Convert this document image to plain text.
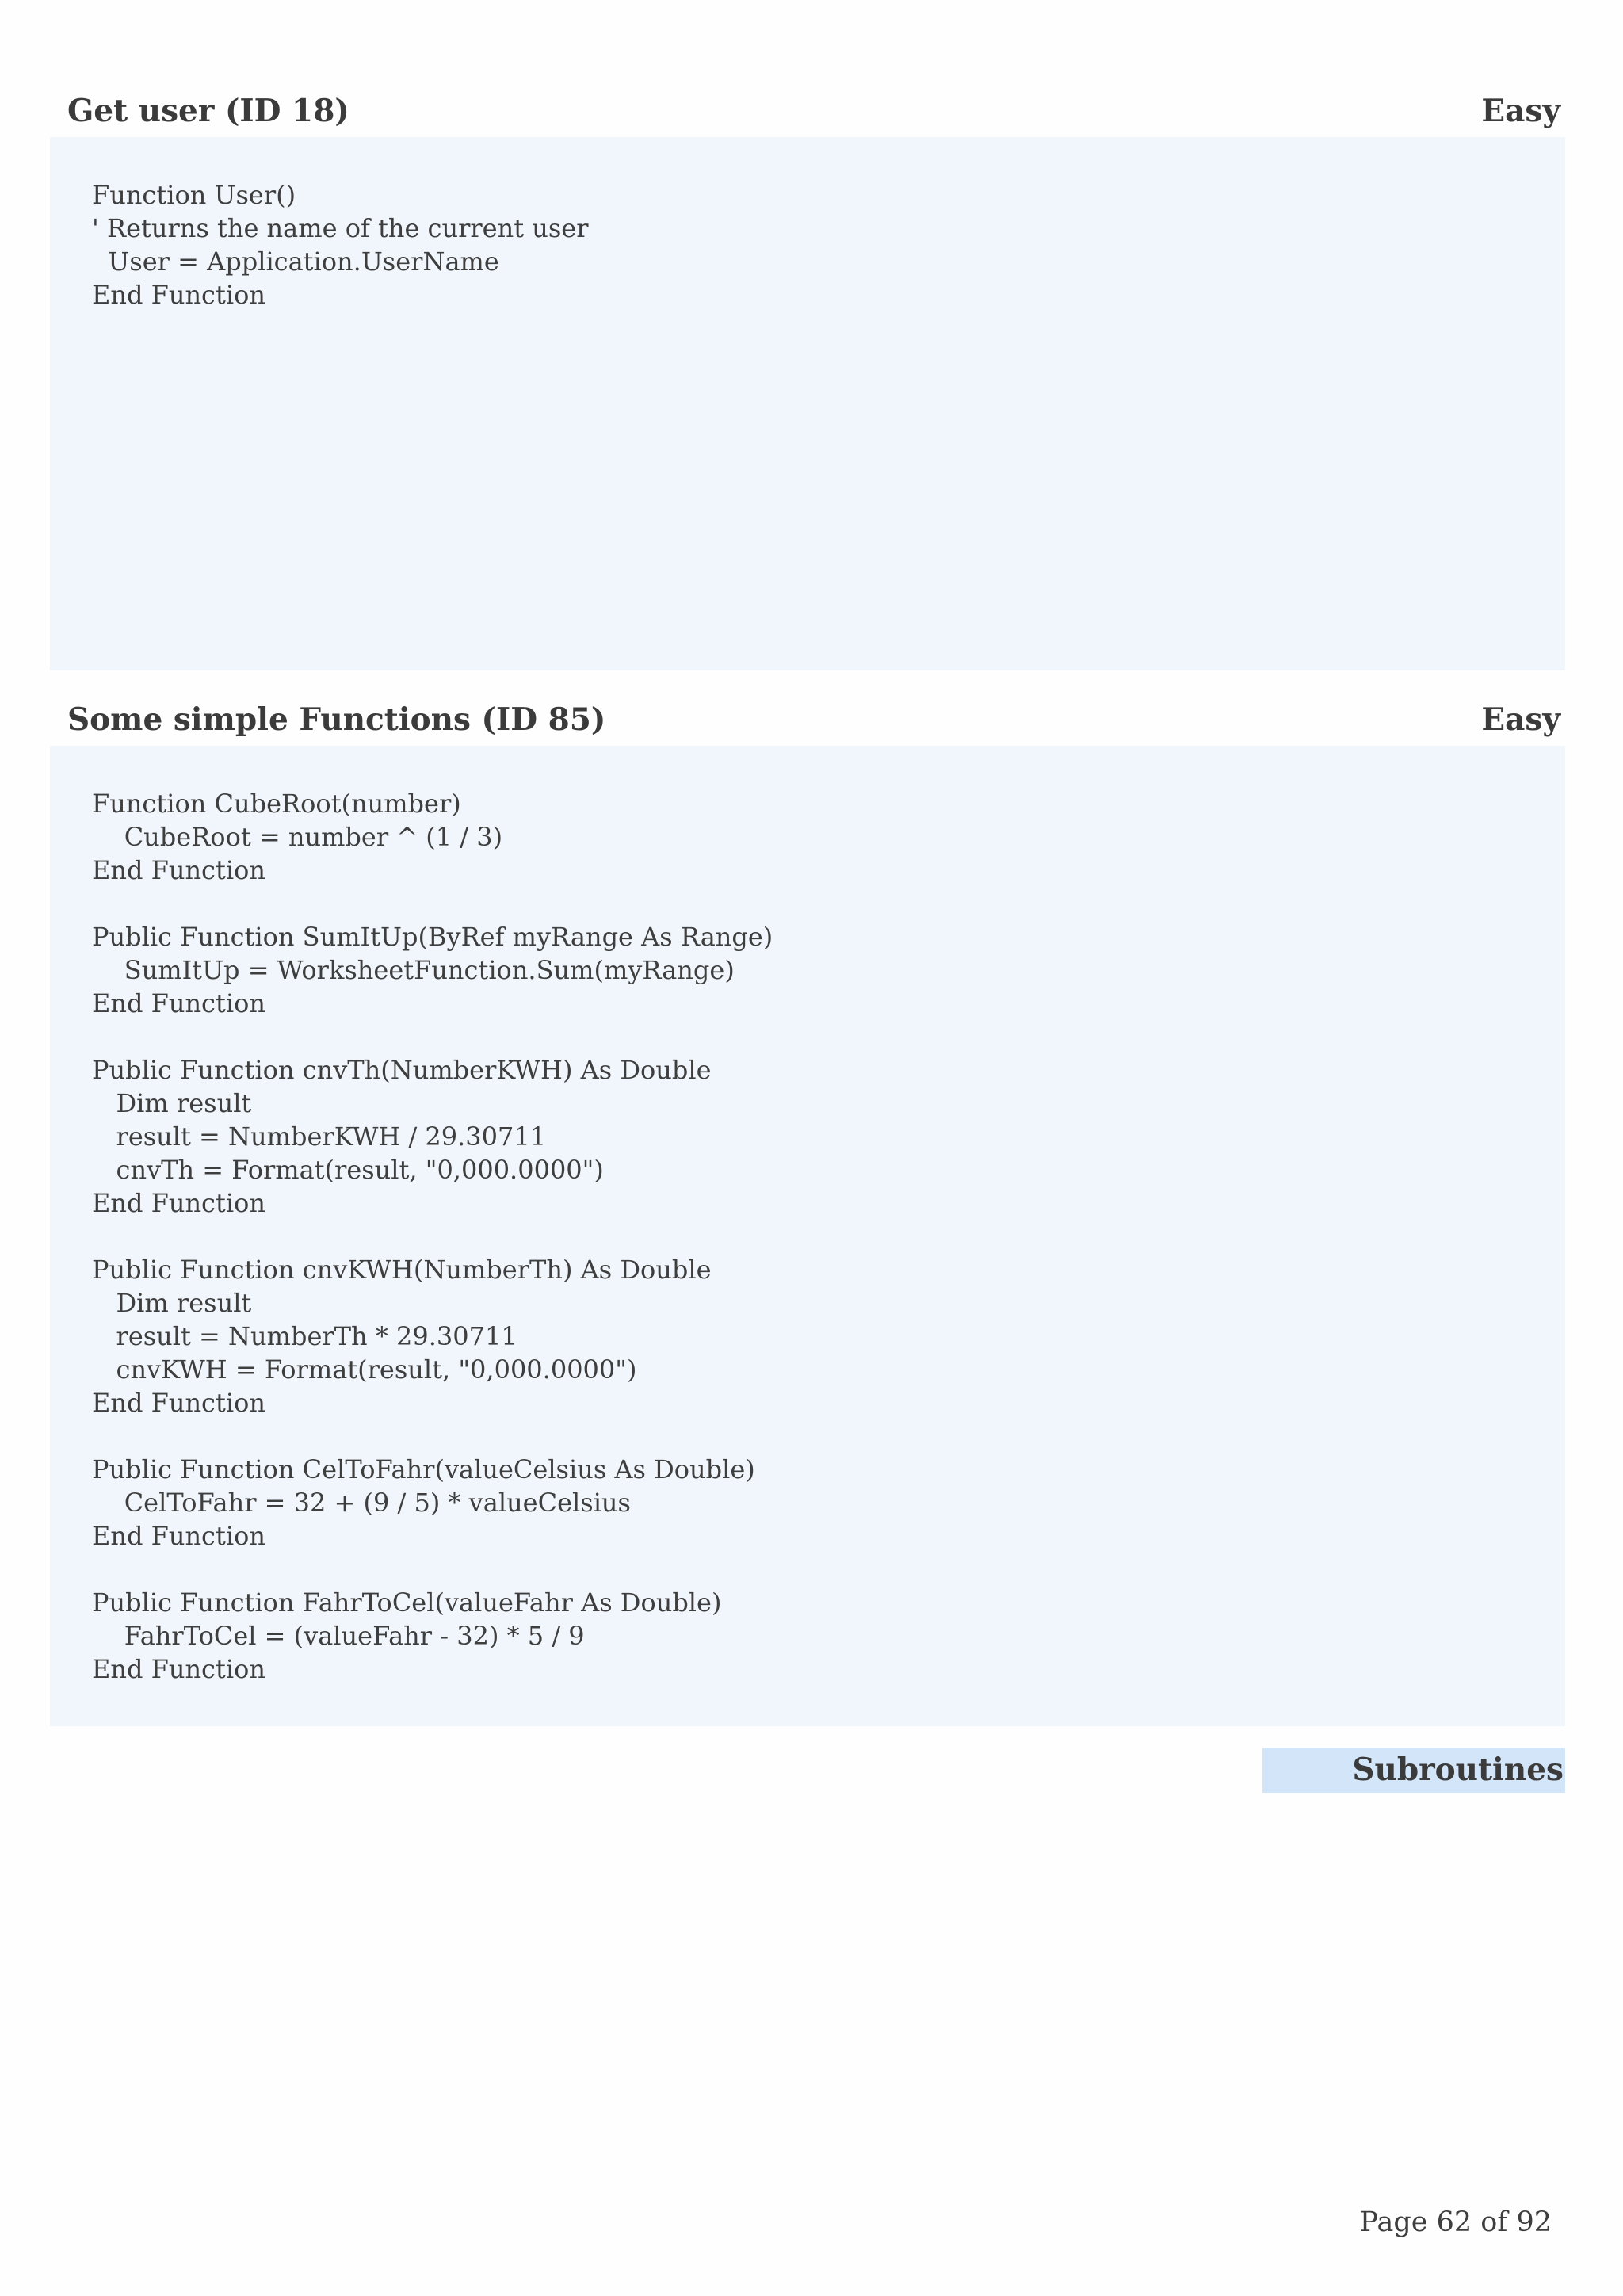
Get user (ID 18)	Easy
Function User()
' Returns the name of the current user
User = Application.UserName
End Function
Some simple Functions (ID 85)	Easy
Function CubeRoot(number)
CubeRoot = number ^ (1 / 3)
End Function
Public Function SumItUp(ByRef myRange As Range)
SumItUp = WorksheetFunction.Sum(myRange)
End Function
Public Function cnvTh(NumberKWH) As Double
Dim result
result = NumberKWH / 29.30711
cnvTh = Format(result, "0,000.0000")
End Function
Public Function cnvKWH(NumberTh) As Double
Dim result
result = NumberTh * 29.30711
cnvKWH = Format(result, "0,000.0000")
End Function
Public Function CelToFahr(valueCelsius As Double)
CelToFahr = 32 + (9 / 5) * valueCelsius
End Function
Public Function FahrToCel(valueFahr As Double)
FahrToCel = (valueFahr - 32) * 5 / 9
End Function
Subroutines
Page 62 of 92
